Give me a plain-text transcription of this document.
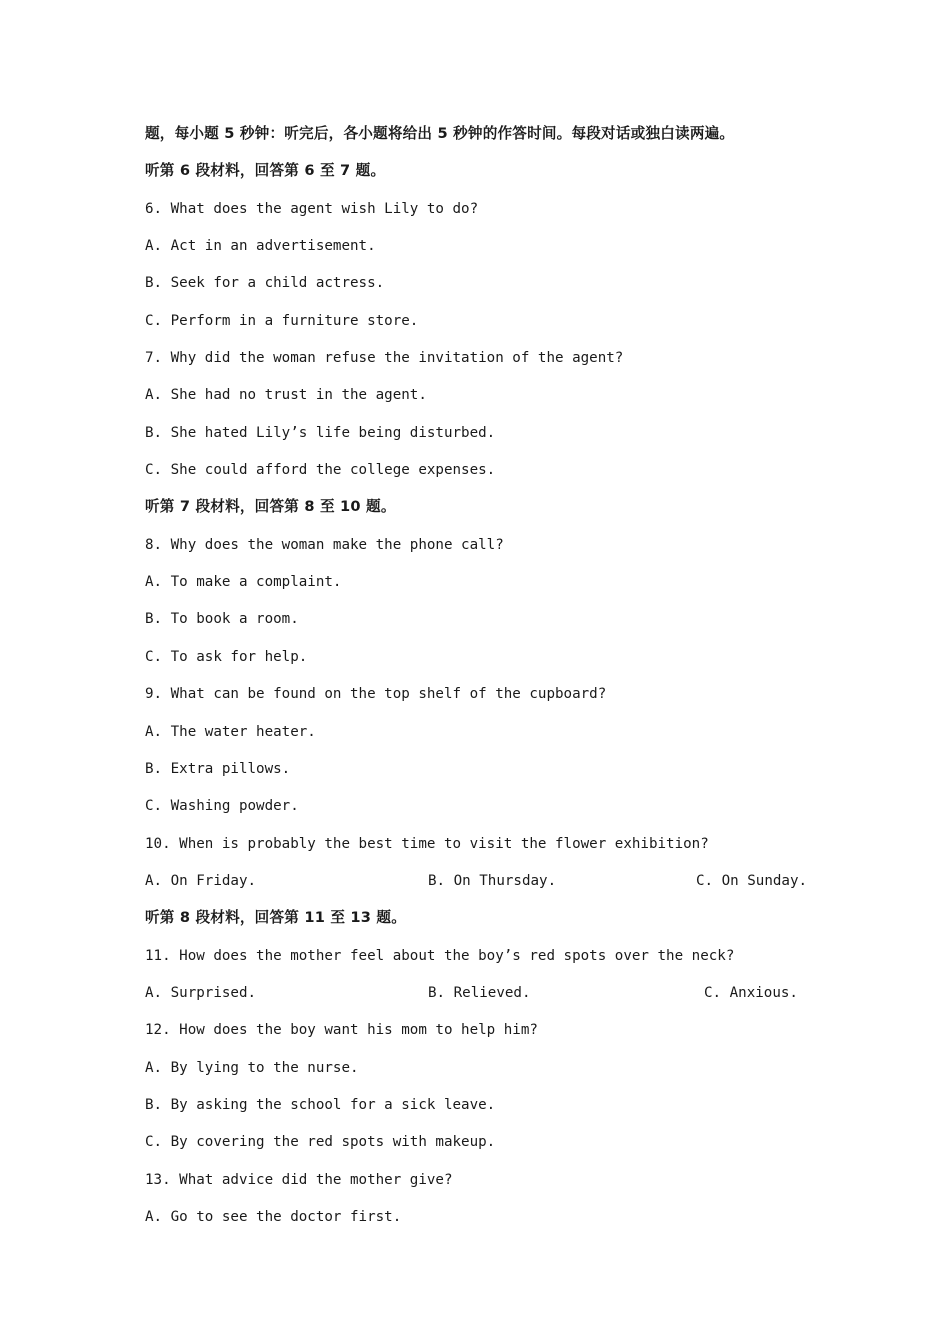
题，每小题 5 秒钟：听完后，各小题将给出 5 秒钟的作答时间。每段对话或独白读两遍。
听第 6 段材料，回答第 6 至 7 题。
6. What does the agent wish Lily to do?
A. Act in an advertisement.
B. Seek for a child actress.
C. Perform in a furniture store.
7. Why did the woman refuse the invitation of the agent?
A. She had no trust in the agent.
B. She hated Lily’s life being disturbed.
C. She could afford the college expenses.
听第 7 段材料，回答第 8 至 10 题。
8. Why does the woman make the phone call?
A. To make a complaint.
B. To book a room.
C. To ask for help.
9. What can be found on the top shelf of the cupboard?
A. The water heater.
B. Extra pillows.
C. Washing powder.
10. When is probably the best time to visit the flower exhibition?
A. On Friday.	B. On Thursday.	C. On Sunday.
听第 8 段材料，回答第 11 至 13 题。
11. How does the mother feel about the boy’s red spots over the neck?
A. Surprised.	B. Relieved.	C. Anxious.
12. How does the boy want his mom to help him?
A. By lying to the nurse.
B. By asking the school for a sick leave.
C. By covering the red spots with makeup.
13. What advice did the mother give?
A. Go to see the doctor first.
